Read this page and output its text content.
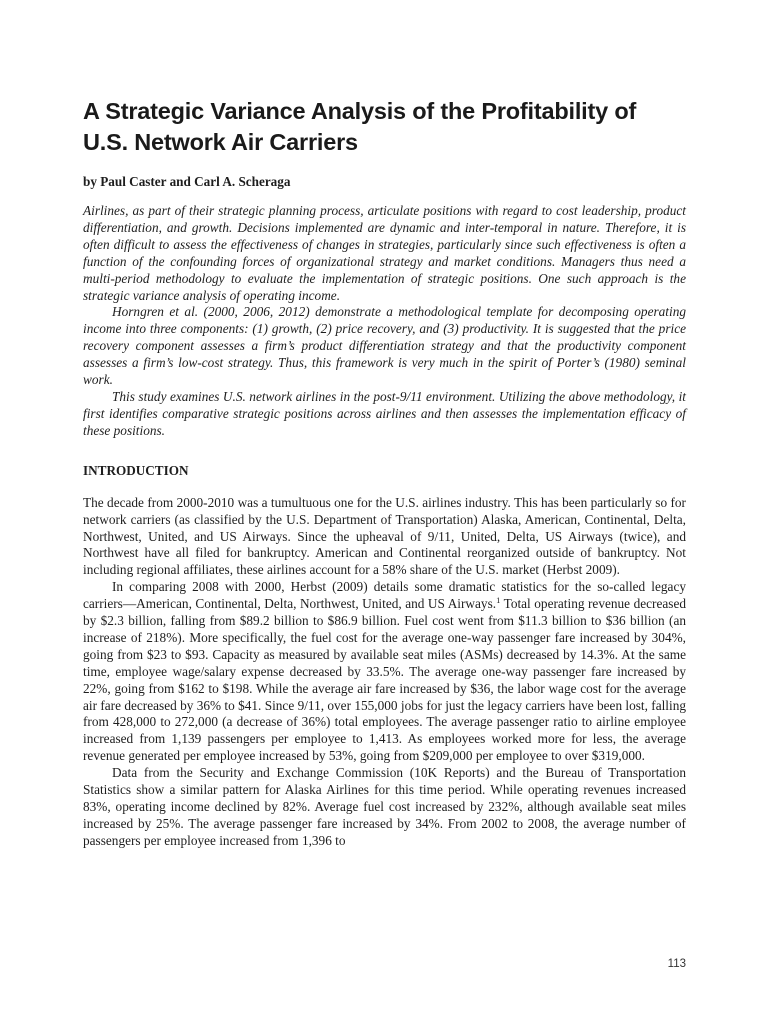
A Strategic Variance Analysis of the Profitability of U.S. Network Air Carriers
by Paul Caster and Carl A. Scheraga

Airlines, as part of their strategic planning process, articulate positions with regard to cost leadership, product differentiation, and growth. Decisions implemented are dynamic and inter-temporal in nature. Therefore, it is often difficult to assess the effectiveness of changes in strategies, particularly since such effectiveness is often a function of the confounding forces of organizational strategy and market conditions. Managers thus need a multi-period methodology to evaluate the implementation of strategic positions. One such approach is the strategic variance analysis of operating income.

Horngren et al. (2000, 2006, 2012) demonstrate a methodological template for decomposing operating income into three components: (1) growth, (2) price recovery, and (3) productivity. It is suggested that the price recovery component assesses a firm’s product differentiation strategy and that the productivity component assesses a firm’s low-cost strategy. Thus, this framework is very much in the spirit of Porter’s (1980) seminal work.

This study examines U.S. network airlines in the post-9/11 environment. Utilizing the above methodology, it first identifies comparative strategic positions across airlines and then assesses the implementation efficacy of these positions.

INTRODUCTION

The decade from 2000-2010 was a tumultuous one for the U.S. airlines industry. This has been particularly so for network carriers (as classified by the U.S. Department of Transportation) Alaska, American, Continental, Delta, Northwest, United, and US Airways. Since the upheaval of 9/11, United, Delta, US Airways (twice), and Northwest have all filed for bankruptcy. American and Continental reorganized outside of bankruptcy. Not including regional affiliates, these airlines account for a 58% share of the U.S. market (Herbst 2009).

In comparing 2008 with 2000, Herbst (2009) details some dramatic statistics for the so-called legacy carriers—American, Continental, Delta, Northwest, United, and US Airways.$^1$ Total operating revenue decreased by $2.3 billion, falling from $89.2 billion to $86.9 billion. Fuel cost went from $11.3 billion to $36 billion (an increase of 218%). More specifically, the fuel cost for the average one-way passenger fare increased by 304%, going from $23 to $93. Capacity as measured by available seat miles (ASMs) decreased by 14.3%. At the same time, employee wage/salary expense decreased by 33.5%. The average one-way passenger fare increased by 22%, going from $162 to $198. While the average air fare increased by $36, the labor wage cost for the average air fare decreased by 36% to $41. Since 9/11, over 155,000 jobs for just the legacy carriers have been lost, falling from 428,000 to 272,000 (a decrease of 36%) total employees. The average passenger ratio to airline employee increased from 1,139 passengers per employee to 1,413. As employees worked more for less, the average revenue generated per employee increased by 53%, going from $209,000 per employee to over $319,000.

Data from the Security and Exchange Commission (10K Reports) and the Bureau of Transportation Statistics show a similar pattern for Alaska Airlines for this time period. While operating revenues increased 83%, operating income declined by 82%. Average fuel cost increased by 232%, although available seat miles increased by 25%. The average passenger fare increased by 34%. From 2002 to 2008, the average number of passengers per employee increased from 1,396 to

113
